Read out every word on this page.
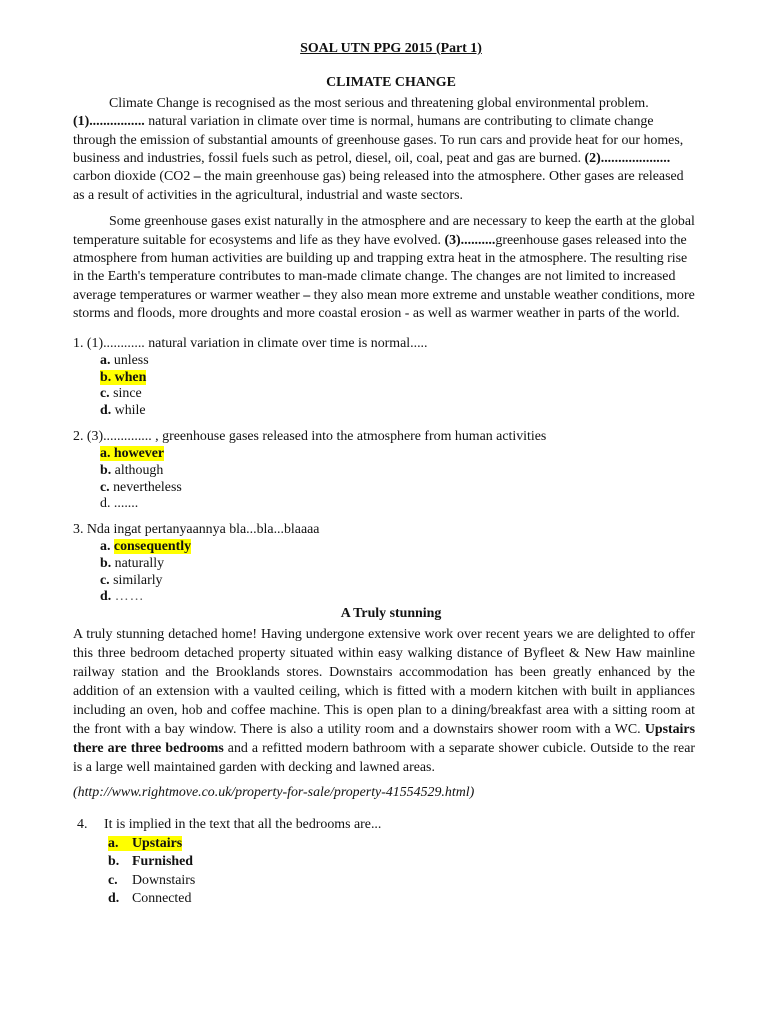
SOAL UTN PPG 2015 (Part 1)

CLIMATE CHANGE

Climate Change is recognised as the most serious and threatening global environmental problem. (1)................ natural variation in climate over time is normal, humans are contributing to climate change through the emission of substantial amounts of greenhouse gases. To run cars and provide heat for our homes, business and industries, fossil fuels such as petrol, diesel, oil, coal, peat and gas are burned. (2).................... carbon dioxide (CO2 – the main greenhouse gas) being released into the atmosphere. Other gases are released as a result of activities in the agricultural, industrial and waste sectors.

Some greenhouse gases exist naturally in the atmosphere and are necessary to keep the earth at the global temperature suitable for ecosystems and life as they have evolved. (3)..........greenhouse gases released into the atmosphere from human activities are building up and trapping extra heat in the atmosphere. The resulting rise in the Earth's temperature contributes to man-made climate change. The changes are not limited to increased average temperatures or warmer weather – they also mean more extreme and unstable weather conditions, more storms and floods, more droughts and more coastal erosion - as well as warmer weather in parts of the world.

1. (1)............ natural variation in climate over time is normal.....

a. unless
b. when
c. since
d. while

2. (3).............. , greenhouse gases released into the atmosphere from human activities

a. however
b. although
c. nevertheless
d. .......

3. Nda ingat pertanyaannya bla...bla...blaaaa

a. consequently
b. naturally
c. similarly
d. ……

A Truly stunning

A truly stunning detached home! Having undergone extensive work over recent years we are delighted to offer this three bedroom detached property situated within easy walking distance of Byfleet & New Haw mainline railway station and the Brooklands stores. Downstairs accommodation has been greatly enhanced by the addition of an extension with a vaulted ceiling, which is fitted with a modern kitchen with built in appliances including an oven, hob and coffee machine. This is open plan to a dining/breakfast area with a sitting room at the front with a bay window. There is also a utility room and a downstairs shower room with a WC. Upstairs there are three bedrooms and a refitted modern bathroom with a separate shower cubicle. Outside to the rear is a large well maintained garden with decking and lawned areas.

(http://www.rightmove.co.uk/property-for-sale/property-41554529.html)

4. It is implied in the text that all the bedrooms are...

a. Upstairs
b. Furnished
c. Downstairs
d. Connected
